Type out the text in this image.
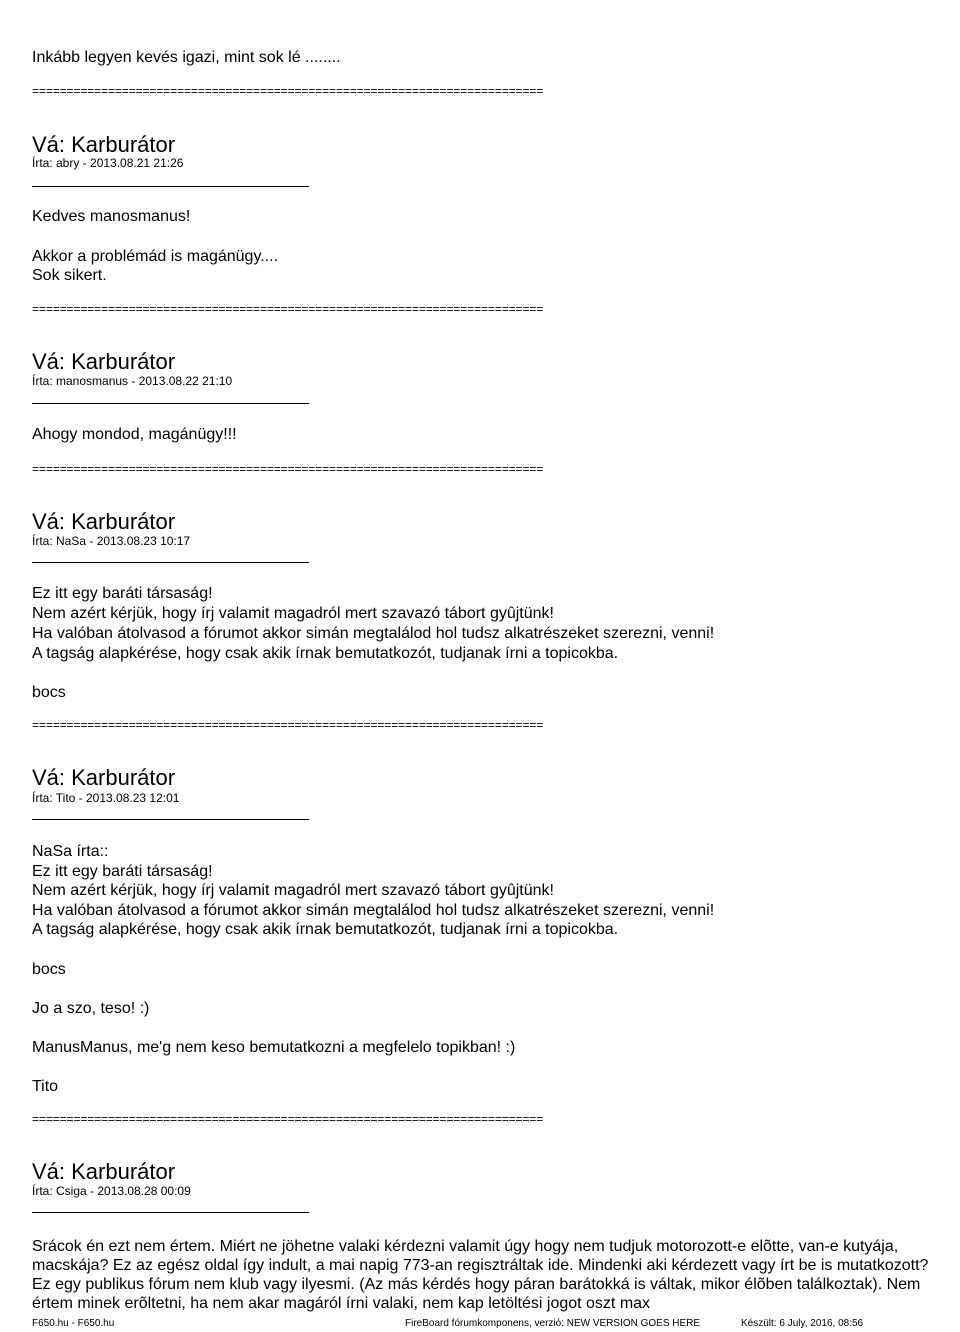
Inkább legyen kevés igazi, mint sok lé ........
==========================================================================
Vá: Karburátor
Írta: abry - 2013.08.21 21:26
Kedves manosmanus!
Akkor a problémád is magánügy....
Sok sikert.
==========================================================================
Vá: Karburátor
Írta: manosmanus - 2013.08.22 21:10
Ahogy mondod, magánügy!!!
==========================================================================
Vá: Karburátor
Írta: NaSa - 2013.08.23 10:17
Ez itt egy baráti társaság!
Nem azért kérjük, hogy írj valamit magadról mert szavazó tábort gyûjtünk!
Ha valóban átolvasod a fórumot akkor simán megtalálod hol tudsz alkatrészeket szerezni, venni!
A tagság alapkérése, hogy csak akik írnak bemutatkozót, tudjanak írni a topicokba.
bocs
==========================================================================
Vá: Karburátor
Írta: Tito - 2013.08.23 12:01
NaSa írta::
Ez itt egy baráti társaság!
Nem azért kérjük, hogy írj valamit magadról mert szavazó tábort gyûjtünk!
Ha valóban átolvasod a fórumot akkor simán megtalálod hol tudsz alkatrészeket szerezni, venni!
A tagság alapkérése, hogy csak akik írnak bemutatkozót, tudjanak írni a topicokba.
bocs
Jo a szo, teso! :)
ManusManus, me'g nem keso bemutatkozni a megfelelo topikban! :)
Tito
==========================================================================
Vá: Karburátor
Írta: Csiga - 2013.08.28 00:09
Srácok én ezt nem értem. Miért ne jöhetne valaki kérdezni valamit úgy hogy nem tudjuk motorozott-e elõtte, van-e kutyája, macskája? Ez az egész oldal így indult, a mai napig 773-an regisztráltak ide. Mindenki aki kérdezett vagy írt be is mutatkozott? Ez egy publikus fórum nem klub vagy ilyesmi. (Az más kérdés hogy páran barátokká is váltak, mikor élõben találkoztak). Nem értem minek erõltetni, ha nem akar magáról írni valaki, nem kap letöltési jogot oszt max
F650.hu - F650.hu	FireBoard fórumkomponens, verzió: NEW VERSION GOES HERE	Készült: 6 July, 2016, 08:56
